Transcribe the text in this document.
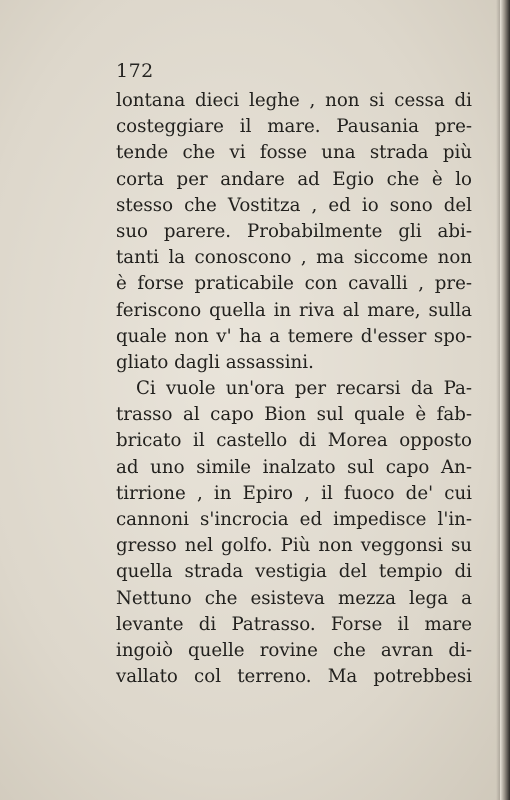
172
lontana dieci leghe , non si cessa di
costeggiare il mare. Pausania pre-
tende che vi fosse una strada più
corta per andare ad Egio che è lo
stesso che Vostitza , ed io sono del
suo parere. Probabilmente gli abi-
tanti la conoscono , ma siccome non
è forse praticabile con cavalli , pre-
feriscono quella in riva al mare, sulla
quale non v' ha a temere d'esser spo-
gliato dagli assassini.
Ci vuole un'ora per recarsi da Pa-
trasso al capo Bion sul quale è fab-
bricato il castello di Morea opposto
ad uno simile inalzato sul capo An-
tirrione , in Epiro , il fuoco de' cui
cannoni s'incrocia ed impedisce l'in-
gresso nel golfo. Più non veggonsi su
quella strada vestigia del tempio di
Nettuno che esisteva mezza lega a
levante di Patrasso. Forse il mare
ingoiò quelle rovine che avran di-
vallato col terreno. Ma potrebbesi
